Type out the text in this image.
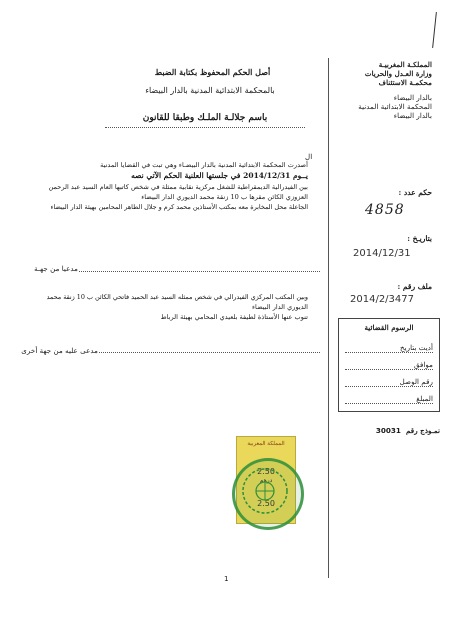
المملكـة المغربيـة
وزارة العـدل والحريات
محكمـة الاستئناف
بالدار البيضاء
المحكمة الابتدائية المدنية
بالدار البيضاء
حكم عدد :
4858
بتاريـخ :
2014/12/31
ملف رقم :
2014/2/3477
الرسوم القضائية
أديت بتاريخ
موافق
رقم الوصل
المبلغ
نمـوذج رقم 30031
أصل الحكم المحفوظ بكتابة الضبط
بالمحكمة الابتدائية المدنية بالدار البيضاء
باسم جلالـة الملـك وطبقا للقانون
ال
أصدرت المحكمة الابتدائية المدنية بالدار البيضـاء وهي تبت في القضايا المدنية
يــوم 2014/12/31 في جلستها العلنية الحكم الآتي نصه
بين الفيدرالية الديمقراطية للشغل مركزية نقابية ممثلة في شخص كاتبها العام السيد عبد الرحمن
العزوزي الكائن مقرها ب 10 زنقة محمد الديوري الدار البيضاء
الجاعلة محل المخابرة معه بمكتب الأستاذين محمد كرم و جلال الطاهر المحامين بهيئة الدار البيضاء
مدعيا من جهـة
وبين المكتب المركزي الفيدرالي في شخص ممثله السيد عبد الحميد فاتحي الكائن ب 10 زنقة محمد
الديوري الدار البيضاء
تنوب عنها الأستاذة لطيفة بلعيدي المحامي بهيئة الرباط
مدعى عليه من جهة أخرى
المملكة المغربية
2.50
درهم
2.50
1
